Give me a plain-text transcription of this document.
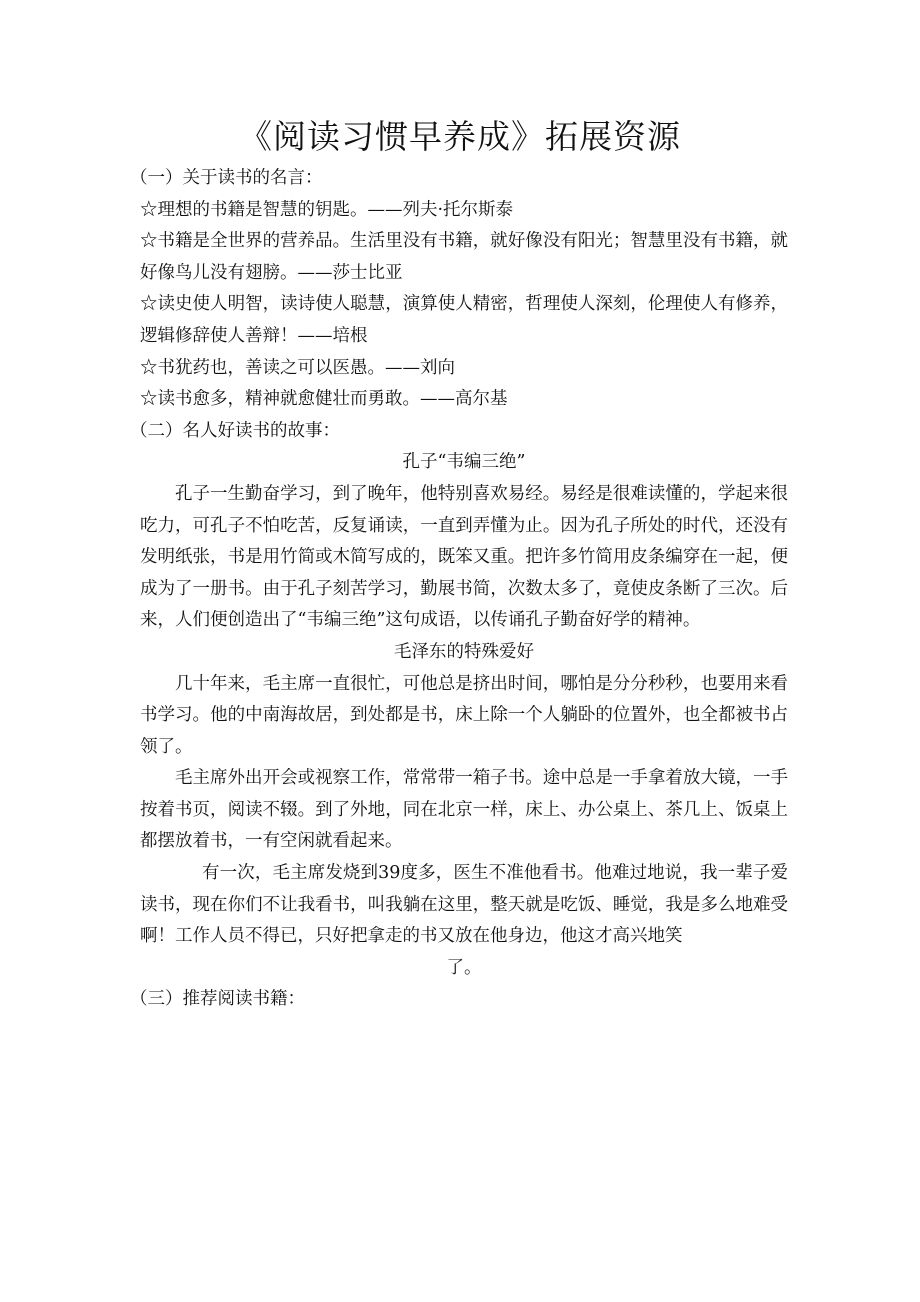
《阅读习惯早养成》拓展资源

（一）关于读书的名言：

☆理想的书籍是智慧的钥匙。——列夫·托尔斯泰

☆书籍是全世界的营养品。生活里没有书籍，就好像没有阳光；智慧里没有书籍，就好像鸟儿没有翅膀。——莎士比亚

☆读史使人明智，读诗使人聪慧，演算使人精密，哲理使人深刻，伦理使人有修养，逻辑修辞使人善辩！——培根

☆书犹药也，善读之可以医愚。——刘向

☆读书愈多，精神就愈健壮而勇敢。——高尔基

（二）名人好读书的故事：

孔子“韦编三绝”

孔子一生勤奋学习，到了晚年，他特别喜欢易经。易经是很难读懂的，学起来很吃力，可孔子不怕吃苦，反复诵读，一直到弄懂为止。因为孔子所处的时代，还没有发明纸张，书是用竹简或木简写成的，既笨又重。把许多竹简用皮条编穿在一起，便成为了一册书。由于孔子刻苦学习，勤展书简，次数太多了，竟使皮条断了三次。后来，人们便创造出了“韦编三绝”这句成语，以传诵孔子勤奋好学的精神。

毛泽东的特殊爱好

几十年来，毛主席一直很忙，可他总是挤出时间，哪怕是分分秒秒，也要用来看书学习。他的中南海故居，到处都是书，床上除一个人躺卧的位置外，也全都被书占领了。

毛主席外出开会或视察工作，常常带一箱子书。途中总是一手拿着放大镜，一手按着书页，阅读不辍。到了外地，同在北京一样，床上、办公桌上、茶几上、饭桌上都摆放着书，一有空闲就看起来。

有一次，毛主席发烧到39度多，医生不准他看书。他难过地说，我一辈子爱读书，现在你们不让我看书，叫我躺在这里，整天就是吃饭、睡觉，我是多么地难受啊！工作人员不得已，只好把拿走的书又放在他身边，他这才高兴地笑

了。

（三）推荐阅读书籍：
